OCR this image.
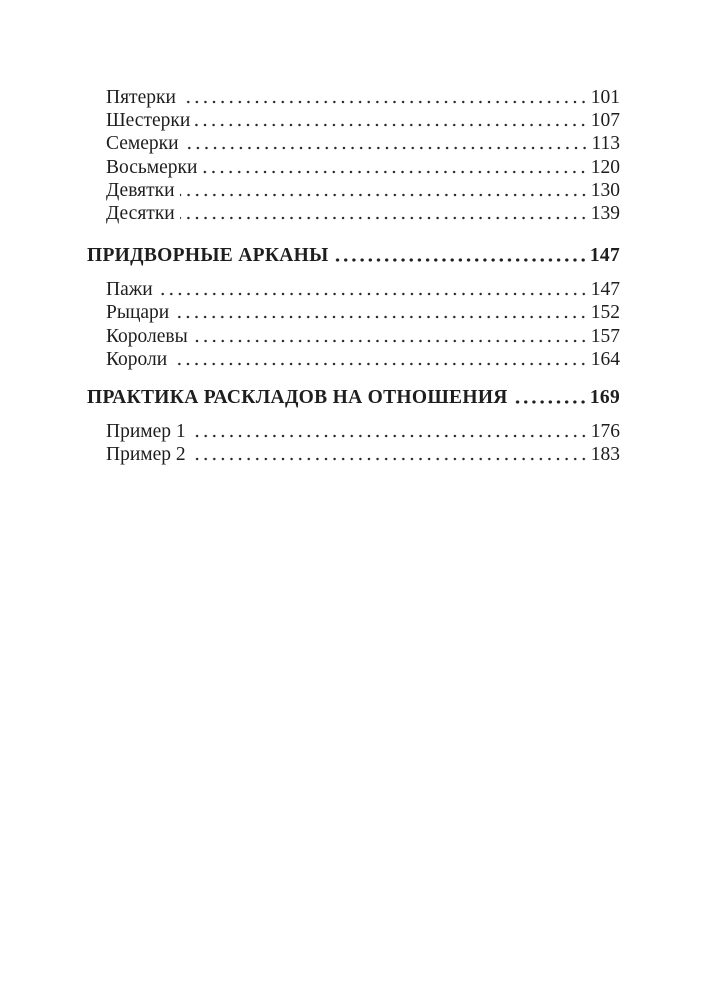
Пятерки	101
Шестерки	107
Семерки	113
Восьмерки	120
Девятки	130
Десятки	139
ПРИДВОРНЫЕ АРКАНЫ	147
Пажи	147
Рыцари	152
Королевы	157
Короли	164
ПРАКТИКА РАСКЛАДОВ НА ОТНОШЕНИЯ	169
Пример 1	176
Пример 2	183
